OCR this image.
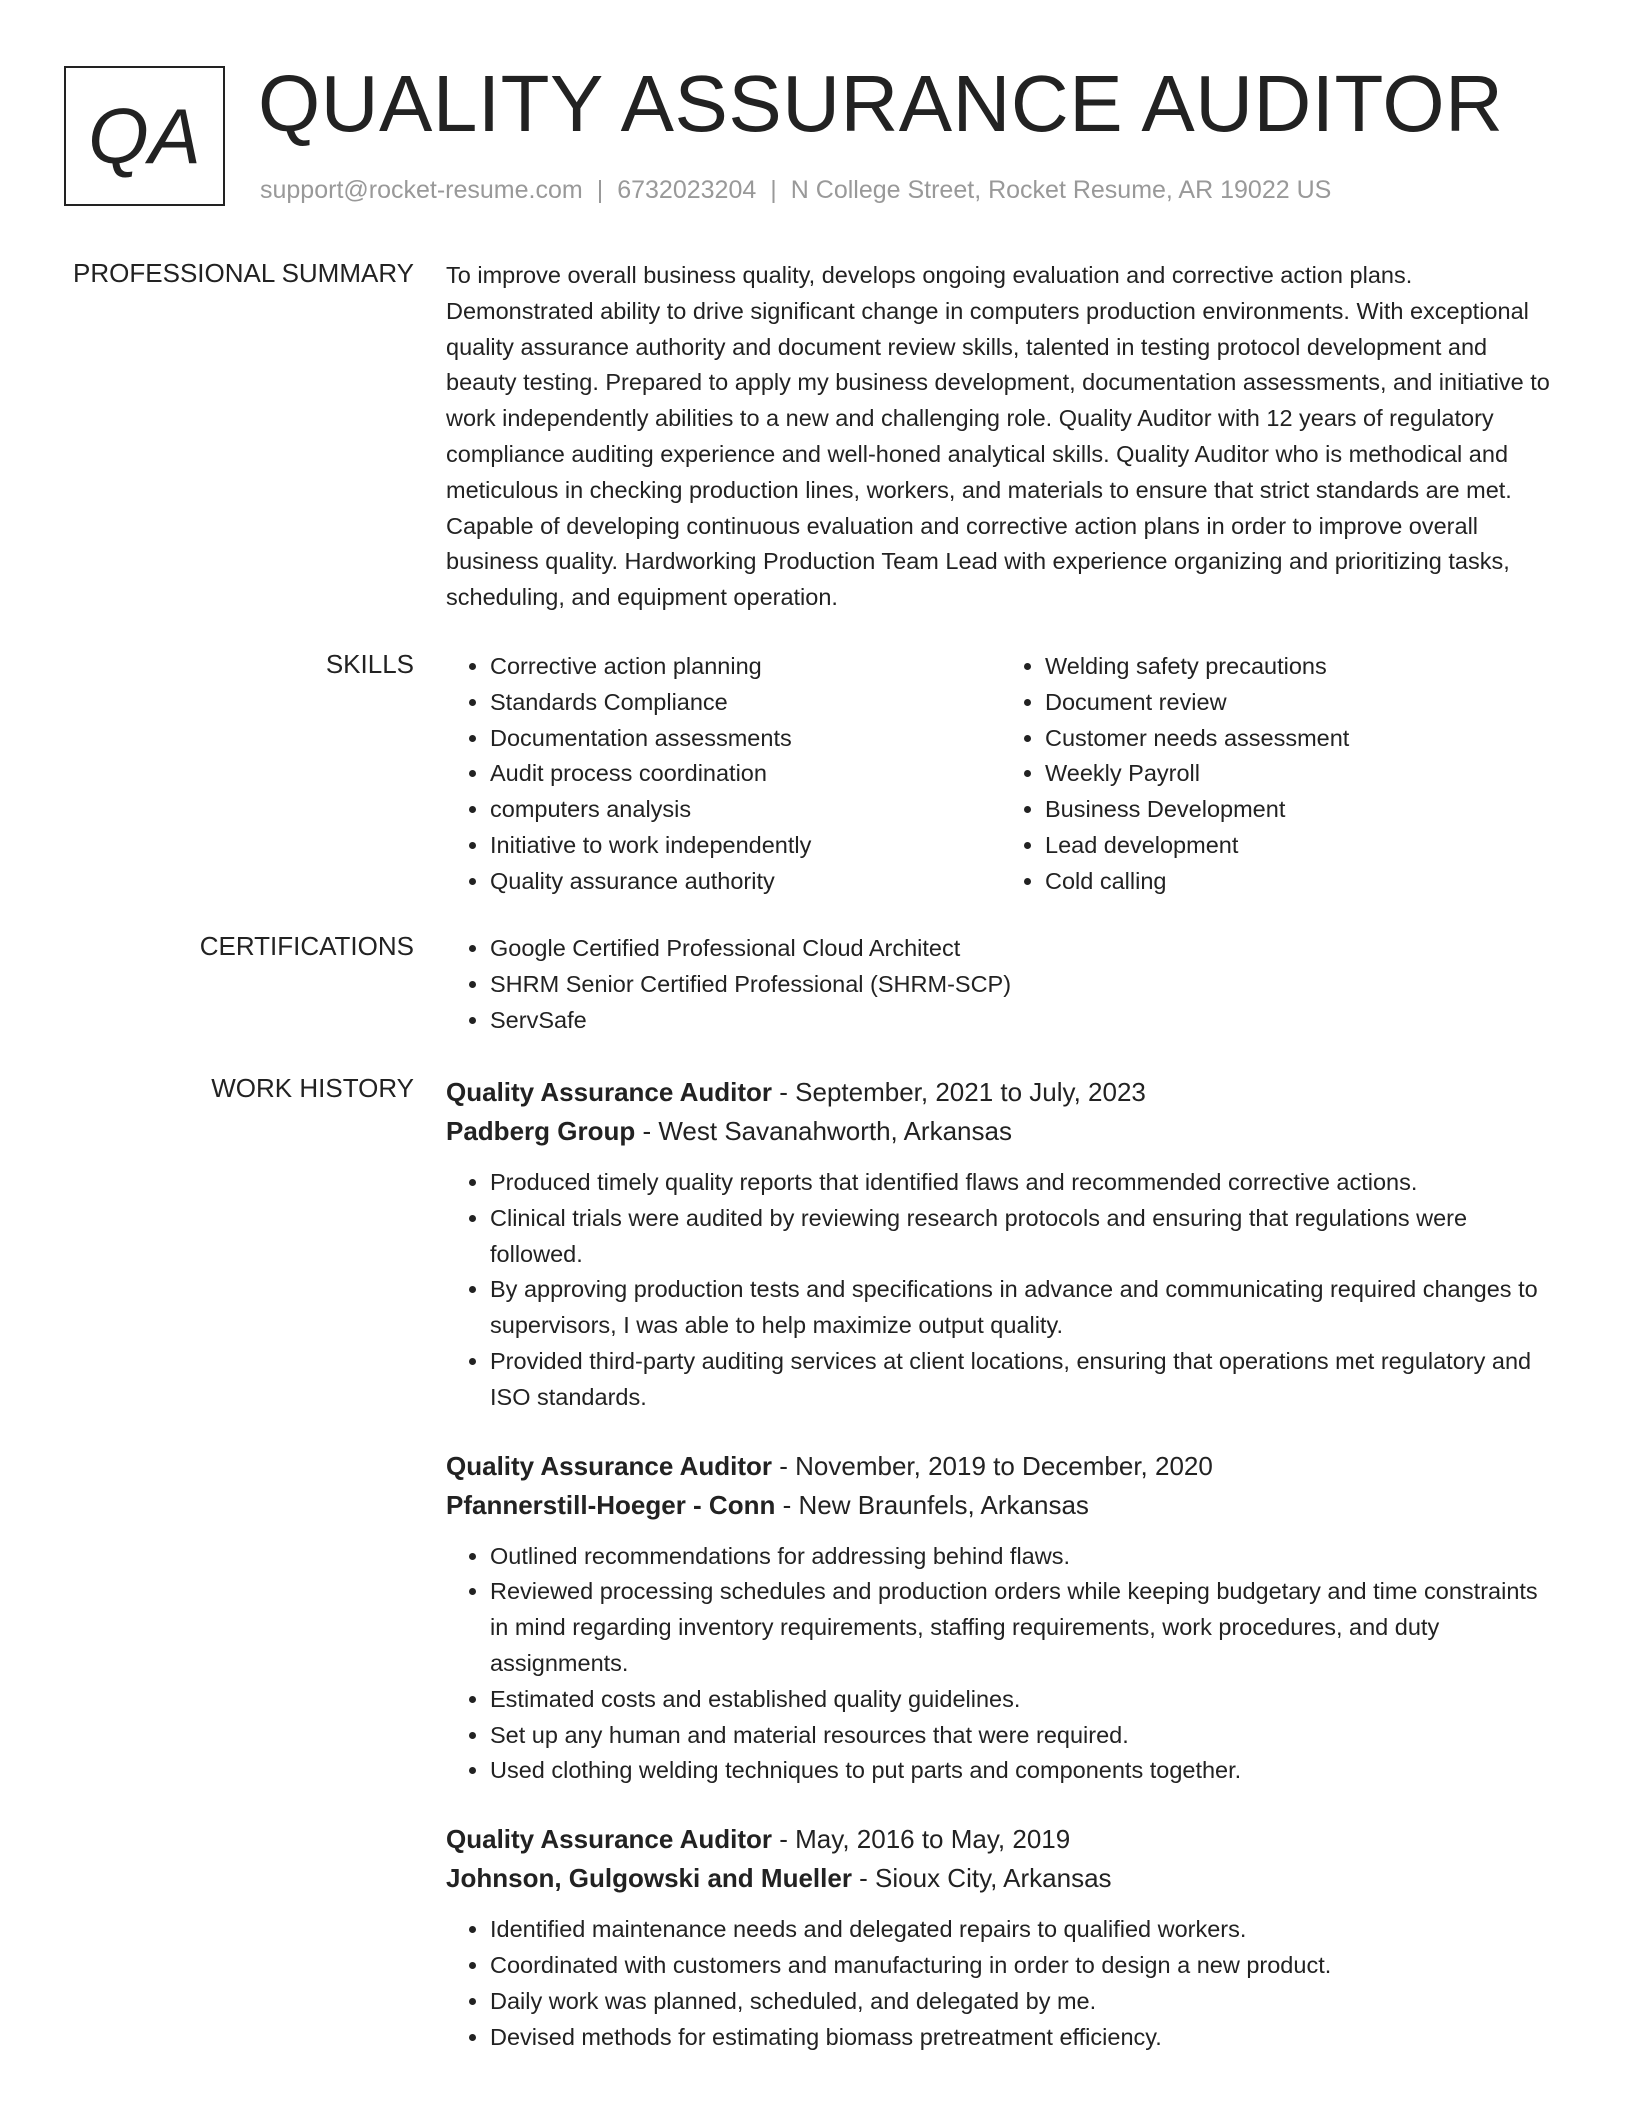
QA QUALITY ASSURANCE AUDITOR
support@rocket-resume.com | 6732023204 | N College Street, Rocket Resume, AR 19022 US
PROFESSIONAL SUMMARY To improve overall business quality, develops ongoing evaluation and corrective action plans. Demonstrated ability to drive significant change in computers production environments. With exceptional quality assurance authority and document review skills, talented in testing protocol development and beauty testing. Prepared to apply my business development, documentation assessments, and initiative to work independently abilities to a new and challenging role. Quality Auditor with 12 years of regulatory compliance auditing experience and well-honed analytical skills. Quality Auditor who is methodical and meticulous in checking production lines, workers, and materials to ensure that strict standards are met. Capable of developing continuous evaluation and corrective action plans in order to improve overall business quality. Hardworking Production Team Lead with experience organizing and prioritizing tasks, scheduling, and equipment operation.
SKILLS	• Corrective action planning
• Standards Compliance
• Documentation assessments
• Audit process coordination
• computers analysis
• Initiative to work independently
• Quality assurance authority
• Welding safety precautions
• Document review
• Customer needs assessment
• Weekly Payroll
• Business Development
• Lead development
• Cold calling
CERTIFICATIONS	• Google Certified Professional Cloud Architect
• SHRM Senior Certified Professional (SHRM-SCP)
• ServSafe
WORK HISTORY Quality Assurance Auditor - September, 2021 to July, 2023
Padberg Group - West Savanahworth, Arkansas
• Produced timely quality reports that identified flaws and recommended corrective actions.
• Clinical trials were audited by reviewing research protocols and ensuring that regulations were followed.
• By approving production tests and specifications in advance and communicating required changes to supervisors, I was able to help maximize output quality.
• Provided third-party auditing services at client locations, ensuring that operations met regulatory and ISO standards.
Quality Assurance Auditor - November, 2019 to December, 2020
Pfannerstill-Hoeger - Conn - New Braunfels, Arkansas
• Outlined recommendations for addressing behind flaws.
• Reviewed processing schedules and production orders while keeping budgetary and time constraints in mind regarding inventory requirements, staffing requirements, work procedures, and duty assignments.
• Estimated costs and established quality guidelines.
• Set up any human and material resources that were required.
• Used clothing welding techniques to put parts and components together.
Quality Assurance Auditor - May, 2016 to May, 2019
Johnson, Gulgowski and Mueller - Sioux City, Arkansas
• Identified maintenance needs and delegated repairs to qualified workers.
• Coordinated with customers and manufacturing in order to design a new product.
• Daily work was planned, scheduled, and delegated by me.
• Devised methods for estimating biomass pretreatment efficiency.
